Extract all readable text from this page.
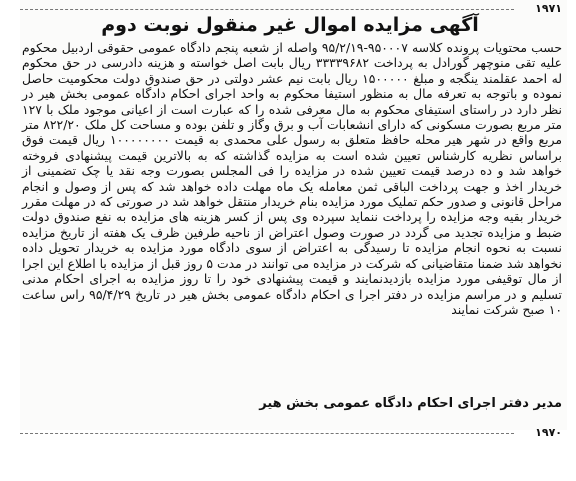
۱۹۷۱
آگهی مزایده اموال غیر منقول نوبت دوم
حسب محتویات پرونده کلاسه ۹۵۰۰۰۷-۹۵/۲/۱۹ واصله از شعبه پنجم دادگاه عمومی حقوقی اردبیل محکوم علیه تقی منوچهر گورادل به پرداخت ۳۳۳۳۹۶۸۲ ریال بابت اصل خواسته و هزینه دادرسی در حق محکوم له احمد عقلمند ینگجه و مبلغ ۱۵۰۰۰۰۰ ریال بابت نیم عشر دولتی در حق صندوق دولت محکومیت حاصل نموده و باتوجه به تعرفه مال به منظور استیفا محکوم به واحد اجرای احکام دادگاه عمومی بخش هیر در نظر دارد در راستای استیفای محکوم به مال معرفی شده را که عبارت است از اعیانی موجود ملک با ۱۲۷ متر مربع بصورت مسکونی که دارای انشعابات آب و برق وگاز و تلفن بوده و مساحت کل ملک ۸۲۲/۲۰ متر مربع واقع در شهر هیر محله حافظ متعلق به رسول علی محمدی به قیمت ۱۰۰۰۰۰۰۰۰ ریال قیمت فوق براساس نظریه کارشناس تعیین شده است به مزایده گذاشته که به بالاترین قیمت پیشنهادی فروخته خواهد شد و ده درصد قیمت تعیین شده در مزایده را فی المجلس بصورت وجه نقد یا چک تضمینی از خریدار اخذ و جهت پرداخت الباقی ثمن معامله یک ماه مهلت داده خواهد شد که پس از وصول و انجام مراحل قانونی و صدور حکم تملیک مورد مزایده بنام خریدار منتقل خواهد شد در صورتی که در مهلت مقرر خریدار بقیه وجه مزایده را پرداخت ننماید سپرده وی پس از کسر هزینه های مزایده به نفع صندوق دولت ضبط و مزایده تجدید می گردد در صورت وصول اعتراض از ناحیه طرفین ظرف یک هفته از تاریخ مزایده نسبت به نحوه انجام مزایده تا رسیدگی به اعتراض از سوی دادگاه مورد مزایده به خریدار تحویل داده نخواهد شد ضمنا متقاضیانی که شرکت در مزایده می توانند در مدت ۵ روز قبل از مزایده با اطلاع این اجرا از مال توقیفی مورد مزایده بازدیدنمایند و قیمت پیشنهادی خود را تا روز مزایده به اجرای احکام مدنی تسلیم و در مراسم مزایده در دفتر اجرا ی احکام دادگاه عمومی بخش هیر در تاریخ ۹۵/۴/۲۹ راس ساعت ۱۰ صبح شرکت نمایند
مدیر دفتر اجرای احکام دادگاه عمومی بخش هیر
۱۹۷۰
